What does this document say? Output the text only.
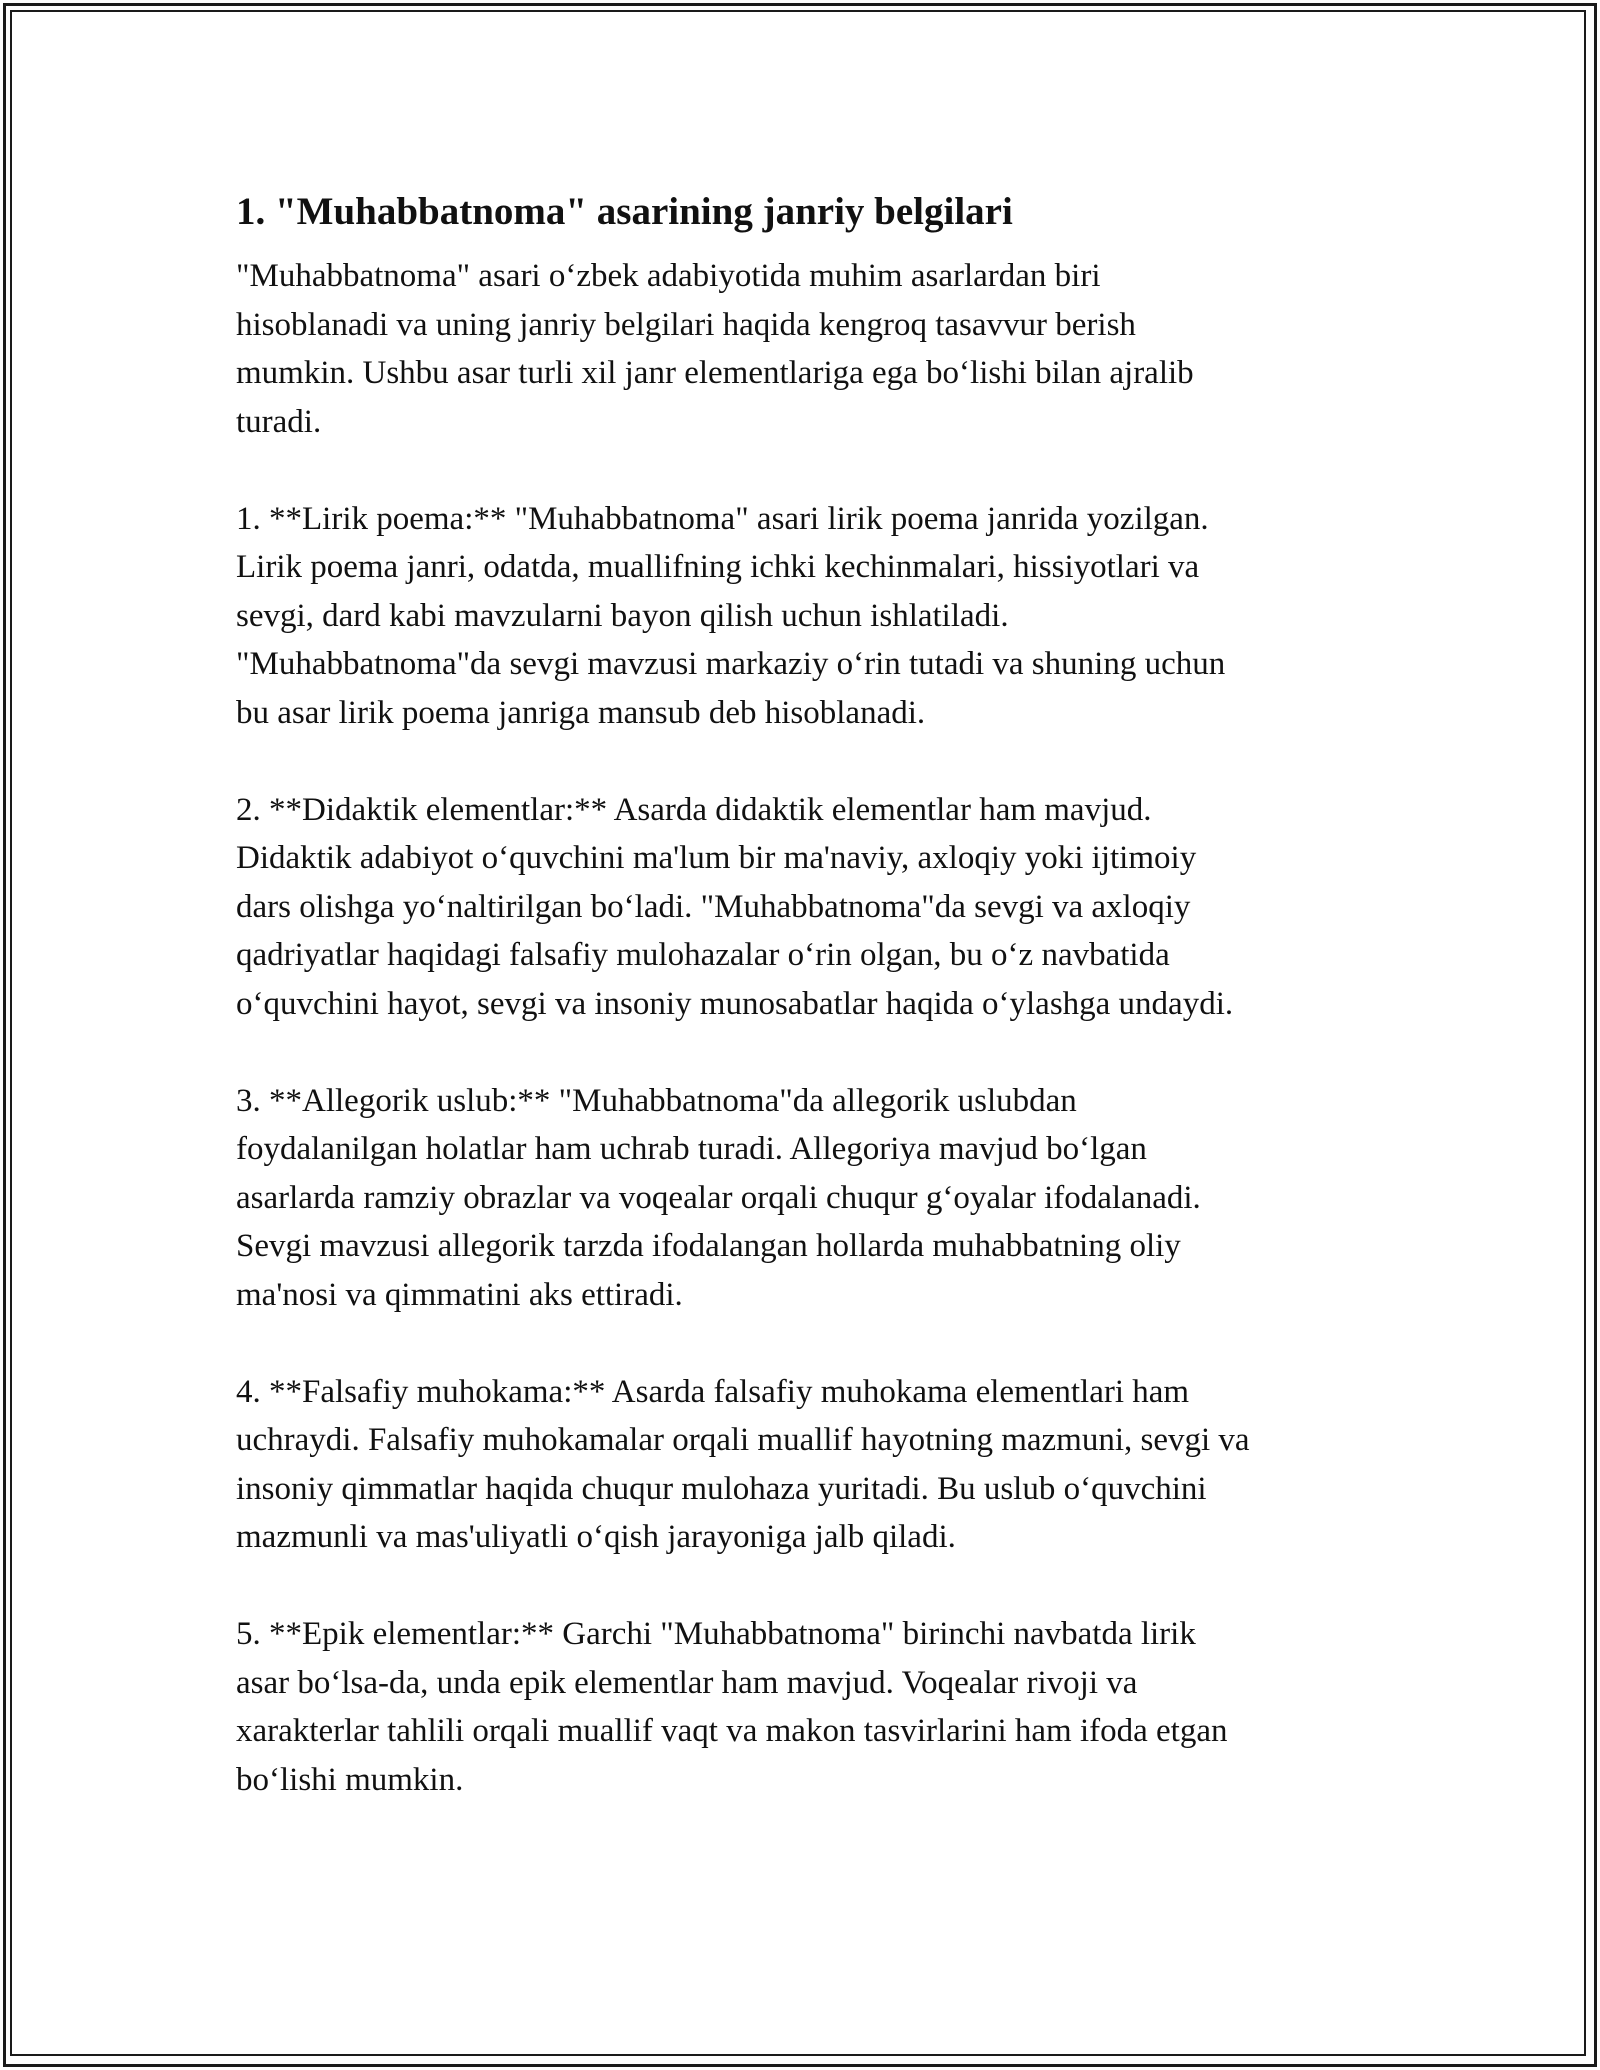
1. "Muhabbatnoma" asarining janriy belgilari

"Muhabbatnoma" asari oʻzbek adabiyotida muhim asarlardan biri
hisoblanadi va uning janriy belgilari haqida kengroq tasavvur berish
mumkin. Ushbu asar turli xil janr elementlariga ega boʻlishi bilan ajralib
turadi.

1. **Lirik poema:** "Muhabbatnoma" asari lirik poema janrida yozilgan.
Lirik poema janri, odatda, muallifning ichki kechinmalari, hissiyotlari va
sevgi, dard kabi mavzularni bayon qilish uchun ishlatiladi.
"Muhabbatnoma"da sevgi mavzusi markaziy oʻrin tutadi va shuning uchun
bu asar lirik poema janriga mansub deb hisoblanadi.

2. **Didaktik elementlar:** Asarda didaktik elementlar ham mavjud.
Didaktik adabiyot oʻquvchini ma'lum bir ma'naviy, axloqiy yoki ijtimoiy
dars olishga yoʻnaltirilgan boʻladi. "Muhabbatnoma"da sevgi va axloqiy
qadriyatlar haqidagi falsafiy mulohazalar oʻrin olgan, bu oʻz navbatida
oʻquvchini hayot, sevgi va insoniy munosabatlar haqida oʻylashga undaydi.

3. **Allegorik uslub:** "Muhabbatnoma"da allegorik uslubdan
foydalanilgan holatlar ham uchrab turadi. Allegoriya mavjud boʻlgan
asarlarda ramziy obrazlar va voqealar orqali chuqur gʻoyalar ifodalanadi.
Sevgi mavzusi allegorik tarzda ifodalangan hollarda muhabbatning oliy
ma'nosi va qimmatini aks ettiradi.

4. **Falsafiy muhokama:** Asarda falsafiy muhokama elementlari ham
uchraydi. Falsafiy muhokamalar orqali muallif hayotning mazmuni, sevgi va
insoniy qimmatlar haqida chuqur mulohaza yuritadi. Bu uslub oʻquvchini
mazmunli va mas'uliyatli oʻqish jarayoniga jalb qiladi.

5. **Epik elementlar:** Garchi "Muhabbatnoma" birinchi navbatda lirik
asar boʻlsa-da, unda epik elementlar ham mavjud. Voqealar rivoji va
xarakterlar tahlili orqali muallif vaqt va makon tasvirlarini ham ifoda etgan
boʻlishi mumkin.
